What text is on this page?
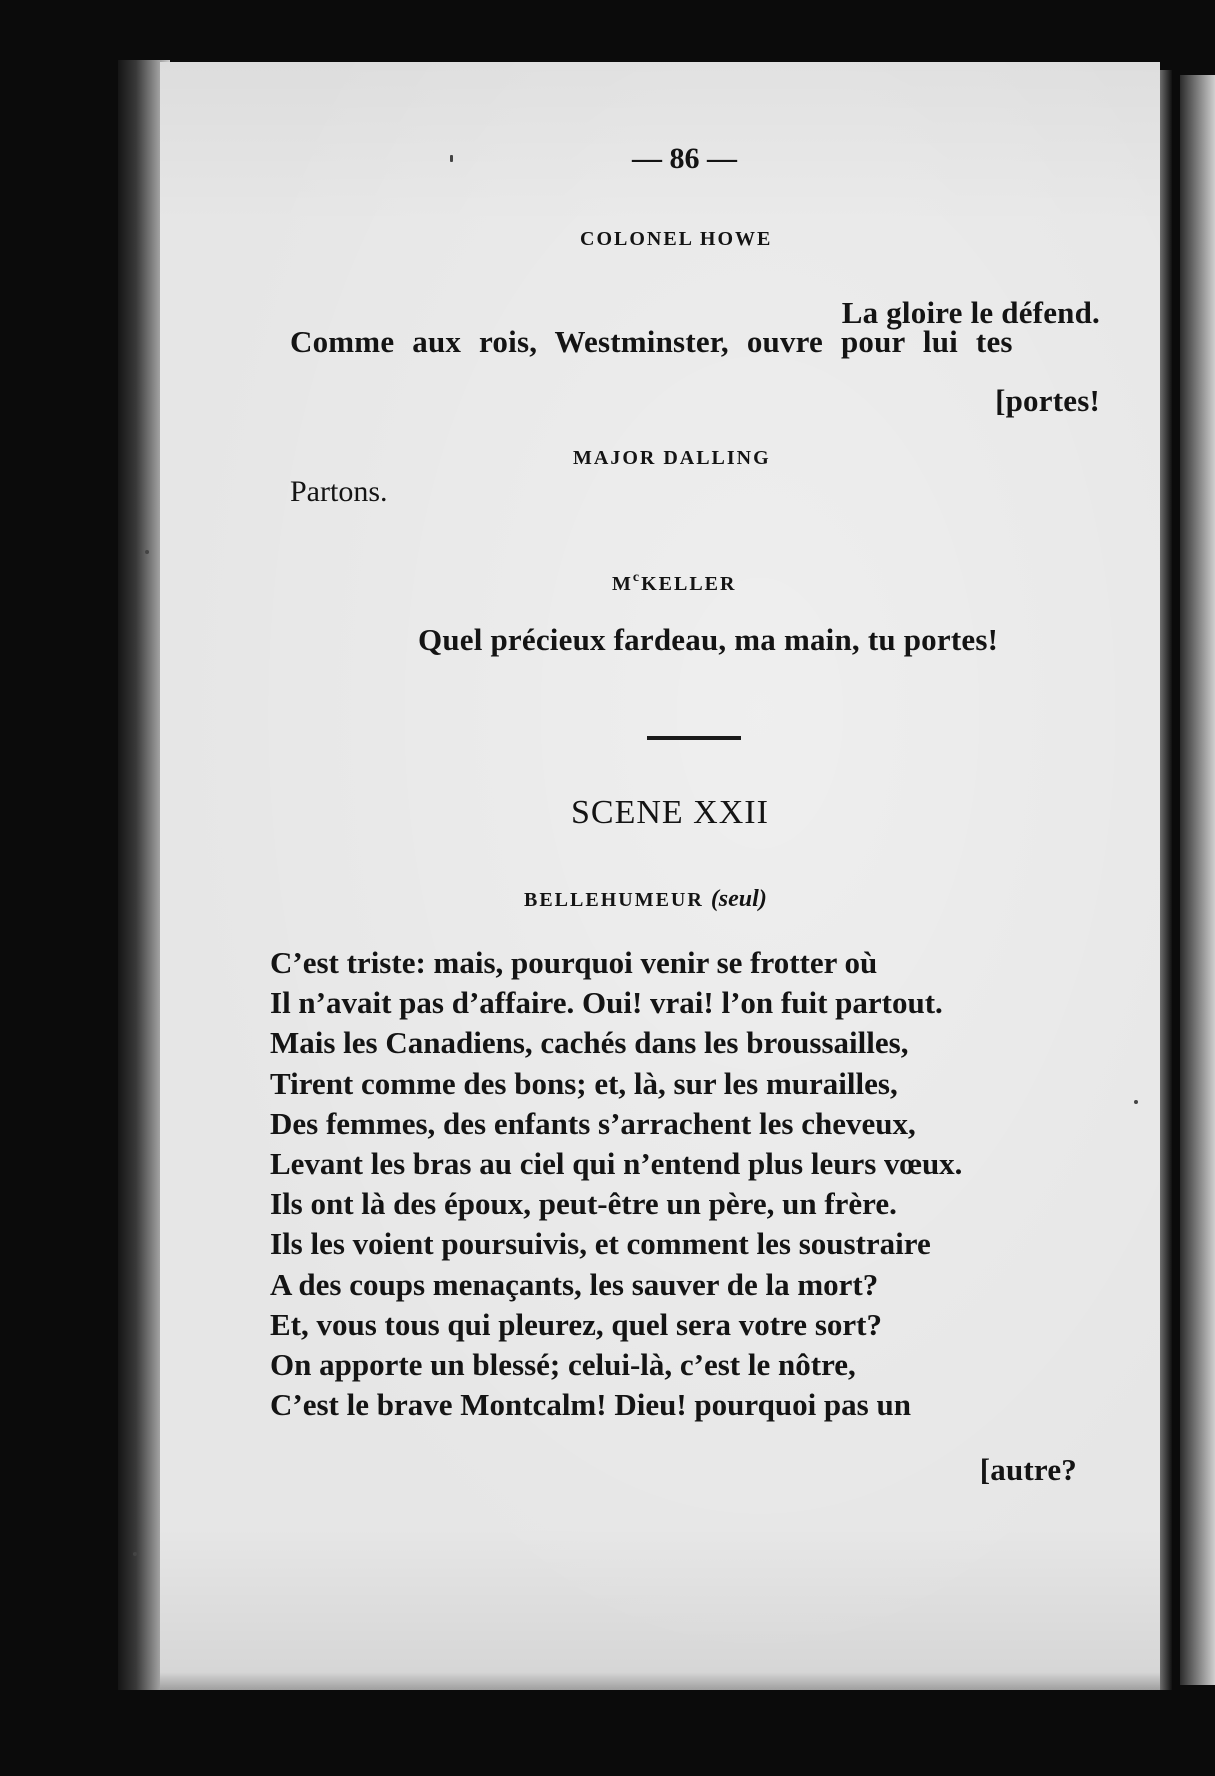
— 86 —
COLONEL HOWE
La gloire le défend.
Comme aux rois, Westminster, ouvre pour lui tes
[portes!
MAJOR DALLING
Partons.
$M^cKELLER$
Quel précieux fardeau, ma main, tu portes!
SCENE XXII
BELLEHUMEUR (seul)
C’est triste: mais, pourquoi venir se frotter où
Il n’avait pas d’affaire. Oui! vrai! l’on fuit partout.
Mais les Canadiens, cachés dans les broussailles,
Tirent comme des bons; et, là, sur les murailles,
Des femmes, des enfants s’arrachent les cheveux,
Levant les bras au ciel qui n’entend plus leurs vœux.
Ils ont là des époux, peut-être un père, un frère.
Ils les voient poursuivis, et comment les soustraire
A des coups menaçants, les sauver de la mort?
Et, vous tous qui pleurez, quel sera votre sort?
On apporte un blessé; celui-là, c’est le nôtre,
C’est le brave Montcalm! Dieu! pourquoi pas un
[autre?
